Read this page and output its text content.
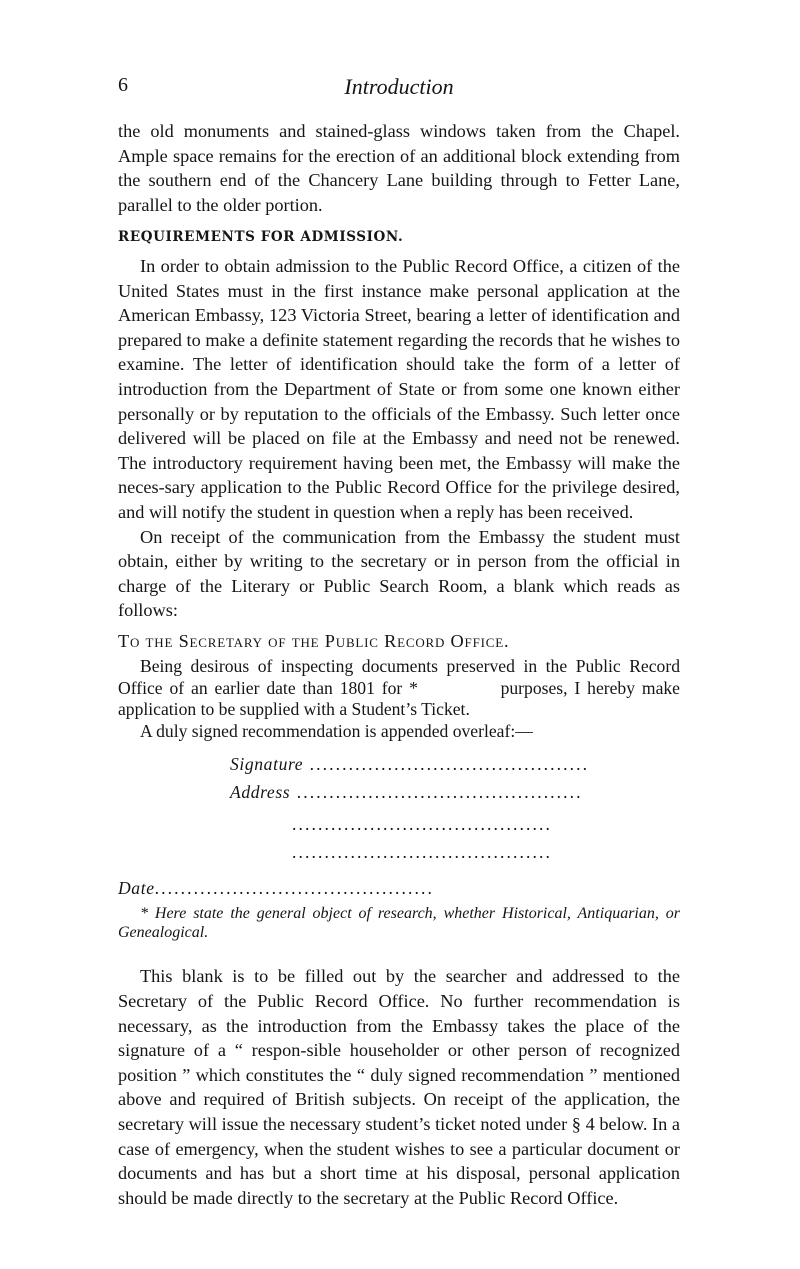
6	Introduction

the old monuments and stained-glass windows taken from the Chapel. Ample space remains for the erection of an additional block extending from the southern end of the Chancery Lane building through to Fetter Lane, parallel to the older portion.

REQUIREMENTS FOR ADMISSION.

In order to obtain admission to the Public Record Office, a citizen of the United States must in the first instance make personal application at the American Embassy, 123 Victoria Street, bearing a letter of identification and prepared to make a definite statement regarding the records that he wishes to examine. The letter of identification should take the form of a letter of introduction from the Department of State or from some one known either personally or by reputation to the officials of the Embassy. Such letter once delivered will be placed on file at the Embassy and need not be renewed. The introductory requirement having been met, the Embassy will make the neces-sary application to the Public Record Office for the privilege desired, and will notify the student in question when a reply has been received.

On receipt of the communication from the Embassy the student must obtain, either by writing to the secretary or in person from the official in charge of the Literary or Public Search Room, a blank which reads as follows:

To the Secretary of the Public Record Office.

Being desirous of inspecting documents preserved in the Public Record Office of an earlier date than 1801 for *            purposes, I hereby make application to be supplied with a Student’s Ticket.

A duly signed recommendation is appended overleaf:—

Signature ...........................................
Address ............................................
........................................
........................................
Date...........................................

* Here state the general object of research, whether Historical, Antiquarian, or Genealogical.

This blank is to be filled out by the searcher and addressed to the Secretary of the Public Record Office. No further recommendation is necessary, as the introduction from the Embassy takes the place of the signature of a “ respon-sible householder or other person of recognized position ” which constitutes the “ duly signed recommendation ” mentioned above and required of British subjects. On receipt of the application, the secretary will issue the necessary student’s ticket noted under § 4 below. In a case of emergency, when the student wishes to see a particular document or documents and has but a short time at his disposal, personal application should be made directly to the secretary at the Public Record Office.
